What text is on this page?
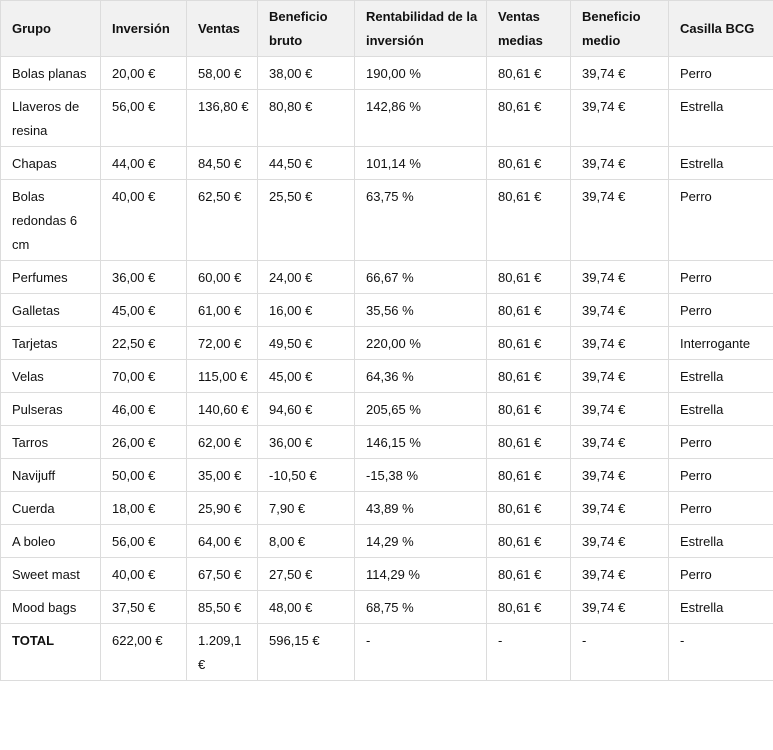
Grupo	Inversión	Ventas	Beneficio bruto	Rentabilidad de la inversión	Ventas medias	Beneficio medio	Casilla BCG
Bolas planas	20,00 €	58,00 €	38,00 €	190,00 %	80,61 €	39,74 €	Perro
Llaveros de resina	56,00 €	136,80 €	80,80 €	142,86 %	80,61 €	39,74 €	Estrella
Chapas	44,00 €	84,50 €	44,50 €	101,14 %	80,61 €	39,74 €	Estrella
Bolas redondas 6 cm	40,00 €	62,50 €	25,50 €	63,75 %	80,61 €	39,74 €	Perro
Perfumes	36,00 €	60,00 €	24,00 €	66,67 %	80,61 €	39,74 €	Perro
Galletas	45,00 €	61,00 €	16,00 €	35,56 %	80,61 €	39,74 €	Perro
Tarjetas	22,50 €	72,00 €	49,50 €	220,00 %	80,61 €	39,74 €	Interrogante
Velas	70,00 €	115,00 €	45,00 €	64,36 %	80,61 €	39,74 €	Estrella
Pulseras	46,00 €	140,60 €	94,60 €	205,65 %	80,61 €	39,74 €	Estrella
Tarros	26,00 €	62,00 €	36,00 €	146,15 %	80,61 €	39,74 €	Perro
Navijuff	50,00 €	35,00 €	-10,50 €	-15,38 %	80,61 €	39,74 €	Perro
Cuerda	18,00 €	25,90 €	7,90 €	43,89 %	80,61 €	39,74 €	Perro
A boleo	56,00 €	64,00 €	8,00 €	14,29 %	80,61 €	39,74 €	Estrella
Sweet mast	40,00 €	67,50 €	27,50 €	114,29 %	80,61 €	39,74 €	Perro
Mood bags	37,50 €	85,50 €	48,00 €	68,75 %	80,61 €	39,74 €	Estrella
TOTAL	622,00 €	1.209,1 €	596,15 €	-	-	-	-
